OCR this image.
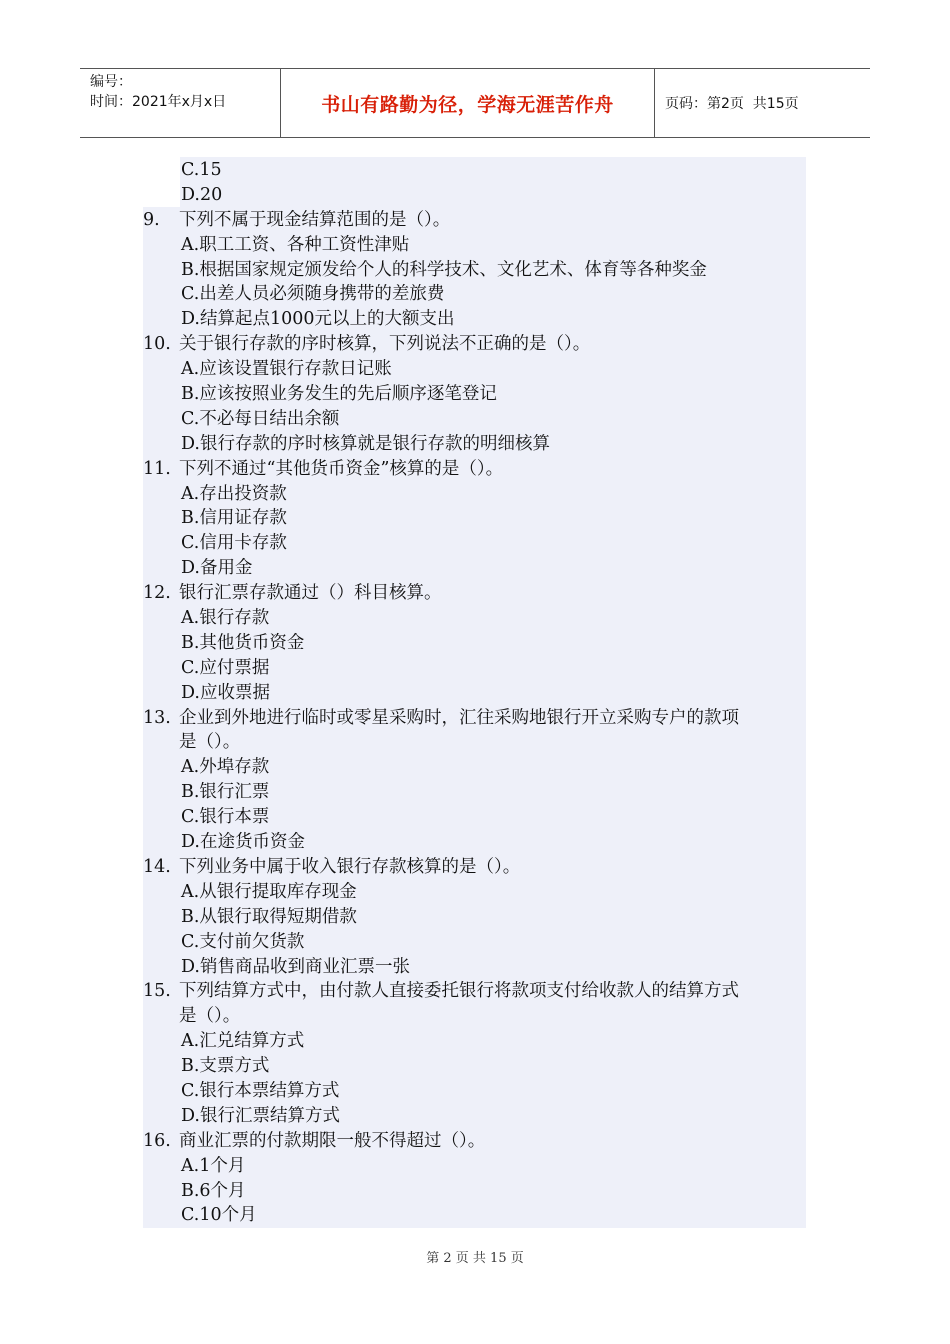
编号：
时间：2021年x月x日	书山有路勤为径，学海无涯苦作舟	页码：第2页  共15页
C.15
D.20
9.	下列不属于现金结算范围的是（）。
A.职工工资、各种工资性津贴
B.根据国家规定颁发给个人的科学技术、文化艺术、体育等各种奖金
C.出差人员必须随身携带的差旅费
D.结算起点1000元以上的大额支出
10. 关于银行存款的序时核算，下列说法不正确的是（）。
A.应该设置银行存款日记账
B.应该按照业务发生的先后顺序逐笔登记
C.不必每日结出余额
D.银行存款的序时核算就是银行存款的明细核算
11. 下列不通过“其他货币资金”核算的是（）。
A.存出投资款
B.信用证存款
C.信用卡存款
D.备用金
12. 银行汇票存款通过（）科目核算。
A.银行存款
B.其他货币资金
C.应付票据
D.应收票据
13. 企业到外地进行临时或零星采购时，汇往采购地银行开立采购专户的款项
是（）。
A.外埠存款
B.银行汇票
C.银行本票
D.在途货币资金
14. 下列业务中属于收入银行存款核算的是（）。
A.从银行提取库存现金
B.从银行取得短期借款
C.支付前欠货款
D.销售商品收到商业汇票一张
15. 下列结算方式中，由付款人直接委托银行将款项支付给收款人的结算方式
是（）。
A.汇兑结算方式
B.支票方式
C.银行本票结算方式
D.银行汇票结算方式
16. 商业汇票的付款期限一般不得超过（）。
A.1个月
B.6个月
C.10个月
第 2 页 共 15 页
